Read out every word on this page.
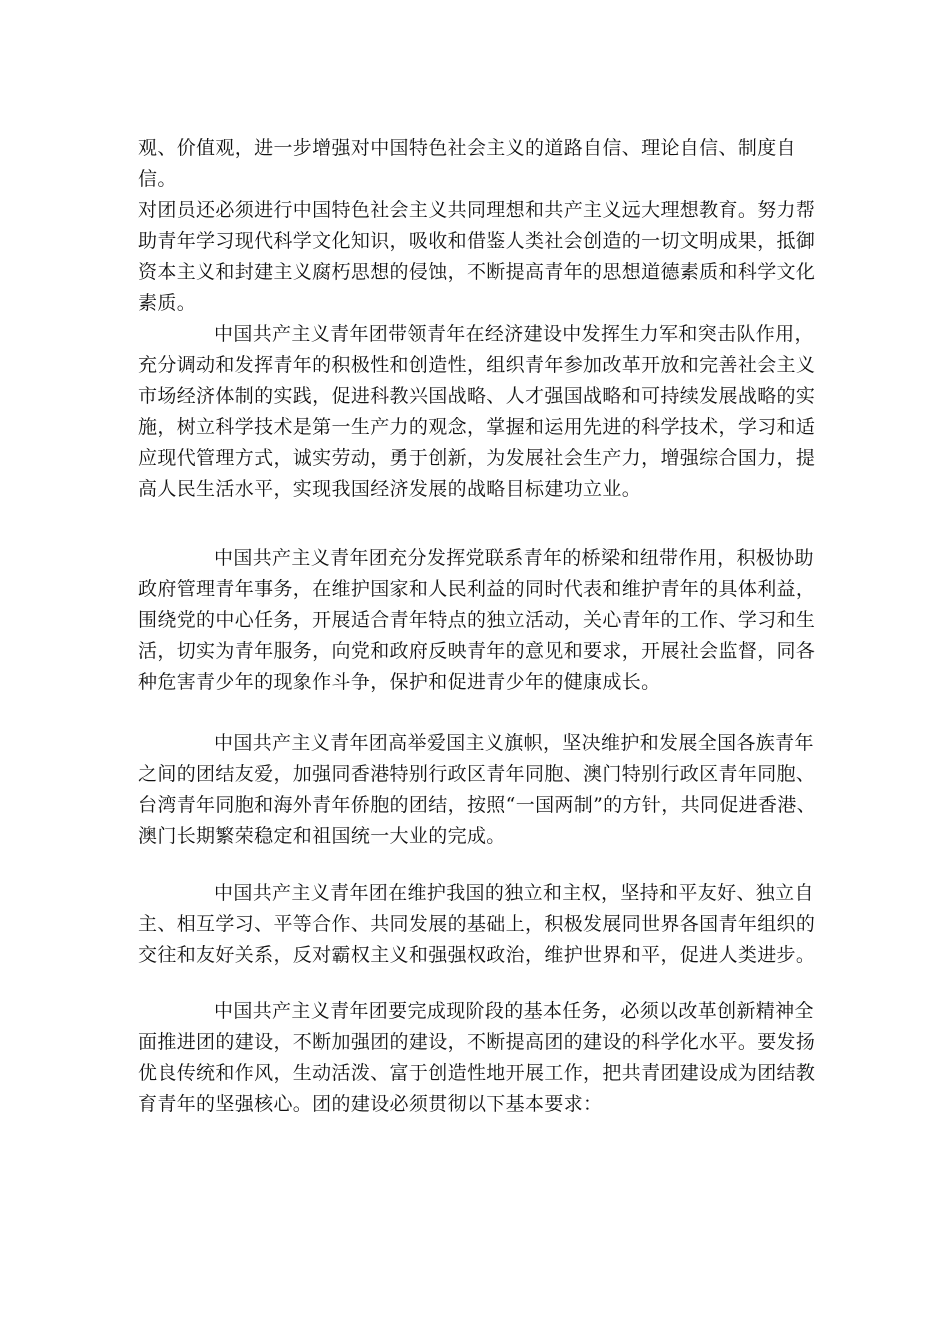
观、价值观，进一步增强对中国特色社会主义的道路自信、理论自信、制度自信。
对团员还必须进行中国特色社会主义共同理想和共产主义远大理想教育。努力帮
助青年学习现代科学文化知识，吸收和借鉴人类社会创造的一切文明成果，抵御
资本主义和封建主义腐朽思想的侵蚀，不断提高青年的思想道德素质和科学文化
素质。

中国共产主义青年团带领青年在经济建设中发挥生力军和突击队作用，
充分调动和发挥青年的积极性和创造性，组织青年参加改革开放和完善社会主义
市场经济体制的实践，促进科教兴国战略、人才强国战略和可持续发展战略的实
施，树立科学技术是第一生产力的观念，掌握和运用先进的科学技术，学习和适
应现代管理方式，诚实劳动，勇于创新，为发展社会生产力，增强综合国力，提
高人民生活水平，实现我国经济发展的战略目标建功立业。

中国共产主义青年团充分发挥党联系青年的桥梁和纽带作用，积极协助
政府管理青年事务，在维护国家和人民利益的同时代表和维护青年的具体利益，
围绕党的中心任务，开展适合青年特点的独立活动，关心青年的工作、学习和生
活，切实为青年服务，向党和政府反映青年的意见和要求，开展社会监督，同各
种危害青少年的现象作斗争，保护和促进青少年的健康成长。

中国共产主义青年团高举爱国主义旗帜，坚决维护和发展全国各族青年
之间的团结友爱，加强同香港特别行政区青年同胞、澳门特别行政区青年同胞、
台湾青年同胞和海外青年侨胞的团结，按照“一国两制”的方针，共同促进香港、
澳门长期繁荣稳定和祖国统一大业的完成。

中国共产主义青年团在维护我国的独立和主权，坚持和平友好、独立自
主、相互学习、平等合作、共同发展的基础上，积极发展同世界各国青年组织的
交往和友好关系，反对霸权主义和强强权政治，维护世界和平，促进人类进步。

中国共产主义青年团要完成现阶段的基本任务，必须以改革创新精神全
面推进团的建设，不断加强团的建设，不断提高团的建设的科学化水平。要发扬
优良传统和作风，生动活泼、富于创造性地开展工作，把共青团建设成为团结教
育青年的坚强核心。团的建设必须贯彻以下基本要求：
